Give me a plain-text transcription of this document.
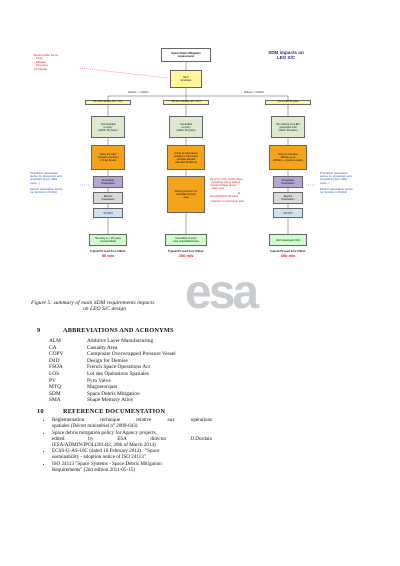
Space Debris Mitigation requirements
SDM impacts on
LEO S/C
Destroyable items :
- Tank
- Wheels
- Structure
(3 typical)
MLO
Envelope
Altitude < 1 200km	Altitude > 1200km
S/C with casualty risk < 10-4	S/C with casualty risk > 10-4	S/C in LEO 25 years
Uncontrolled
re-entry
(within 25 years)
Controlled
re-entry
(within 25 years)
Re-orbiting out LEO
graveyard orbit
(within 25 years)
Using the LEO
thrusters (rockets)
or drag device
Firing as decreased
perigee to the lowest
possible altitude
(via LEO thrusters)
Firing to increase
altitude up to
2000km + structure safety
Propulsion
Passivation
Storing last burn for
controlled impact
area
Propulsion
Passivation
Electric
Passivation
Electric
Passivation
S/C DFI	S/C DFI
Re-entry motor (400N class):
- hydrazine with or without
reignition/ullage device
- solid motor
Δt
Δt of 5/10/20 N thrusters
- Need for a much larger tank
Propulsion passivation
device for pressurant and
propellant (pyro, SMA
valve...)
Electric passivation device
(on function in PCDU)
Propulsion passivation
device for pressurant and
propellant (pyro, SMA
valve...)
Electric passivation device
(on function in PCDU)
Re-entry in < 25 years
(uncontrolled)
Controlled re-entry
over uninhabited area	LEO Graveyard Orbit
Typical DV need from 700km:
50 m/s
Typical DV need from 700km:
200 m/s
Typical DV need from 700km:
300 m/s
esa
Figure 5: summary of main SDM requirements impacts
on LEO S/C design
9	ABBREVIATIONS AND ACRONYMS
ALM	Additive Layer Manufacturing
CA	Casualty Area
COPV	Composite Overwrapped Pressure Vessel
D4D	Design for Demise
FSOA	French Space Operations Act
LOS	Loi des Opérations Spatiales
PV	Pyro Valve
MTQ	Magnetorquer
SDM	Space Debris Mitigation
SMA	Shape Memory Alloy
10	REFERENCE DOCUMENTATION
• Réglementation technique relative aux opérations
spatiales (Décret ministériel n° 2009-643)
• Space debris mitigation policy for Agency projects,
edited by ESA director JJ.Dordain
(ESA/ADMIN/IPOL(2014)2, 28th of March 2014)
• ECSS-U-AS-10C (dated 10 February 2012) : "Space
sustainability - adoption notice of ISO 24113"
• ISO 24113 "Space Systems - Space Debris Mitigation
Requirements" (2nd edition 2011-05-15)
